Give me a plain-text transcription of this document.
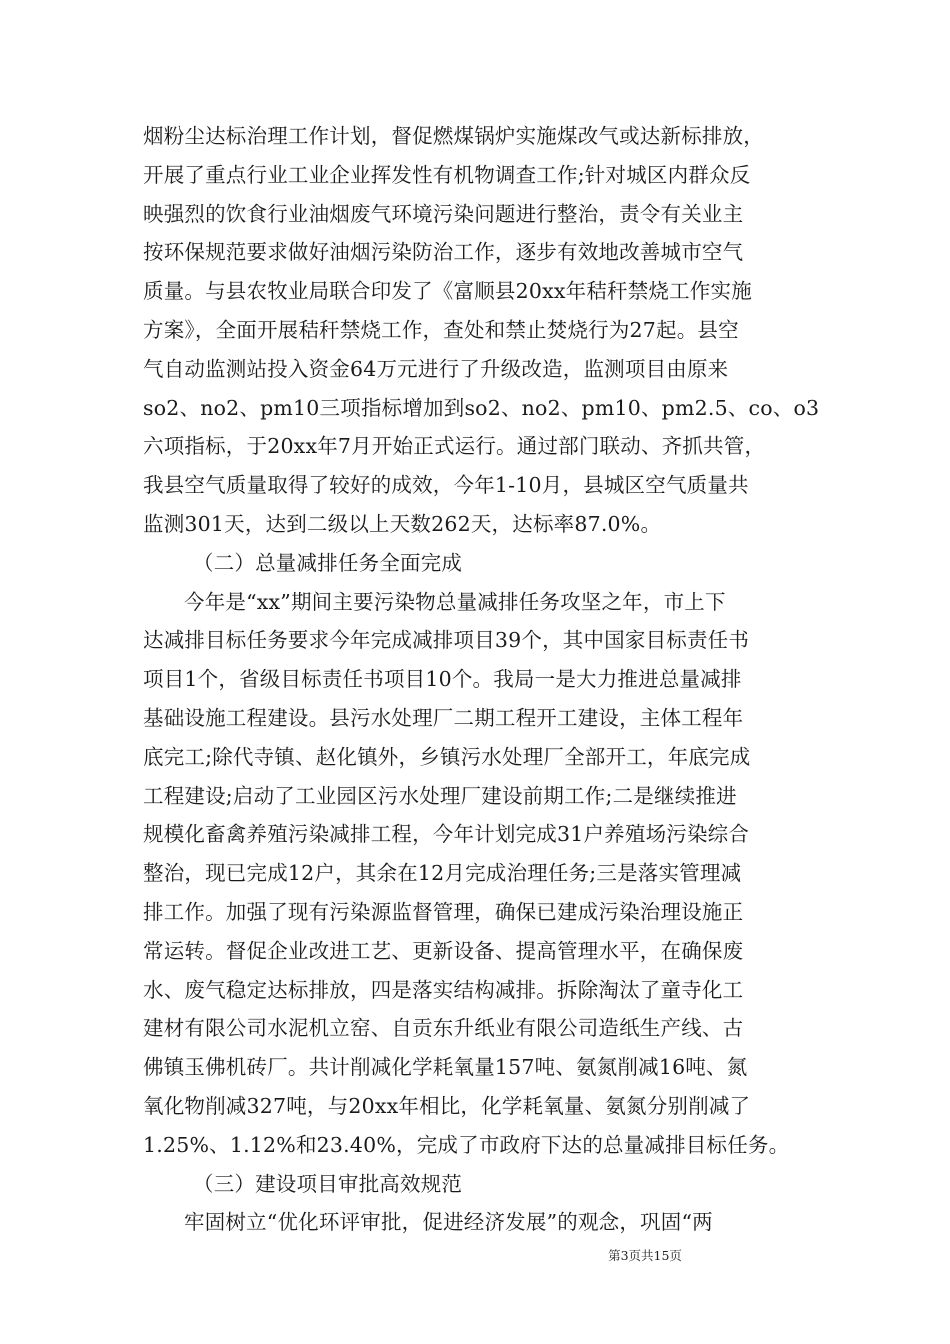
烟粉尘达标治理工作计划，督促燃煤锅炉实施煤改气或达新标排放，
开展了重点行业工业企业挥发性有机物调查工作;针对城区内群众反
映强烈的饮食行业油烟废气环境污染问题进行整治，责令有关业主
按环保规范要求做好油烟污染防治工作，逐步有效地改善城市空气
质量。与县农牧业局联合印发了《富顺县20xx年秸秆禁烧工作实施
方案》，全面开展秸秆禁烧工作，查处和禁止焚烧行为27起。县空
气自动监测站投入资金64万元进行了升级改造，监测项目由原来
so2、no2、pm10三项指标增加到so2、no2、pm10、pm2.5、co、o3
六项指标，于20xx年7月开始正式运行。通过部门联动、齐抓共管，
我县空气质量取得了较好的成效，今年1-10月，县城区空气质量共
监测301天，达到二级以上天数262天，达标率87.0%。
（二）总量减排任务全面完成
今年是“xx”期间主要污染物总量减排任务攻坚之年，市上下
达减排目标任务要求今年完成减排项目39个，其中国家目标责任书
项目1个，省级目标责任书项目10个。我局一是大力推进总量减排
基础设施工程建设。县污水处理厂二期工程开工建设，主体工程年
底完工;除代寺镇、赵化镇外，乡镇污水处理厂全部开工，年底完成
工程建设;启动了工业园区污水处理厂建设前期工作;二是继续推进
规模化畜禽养殖污染减排工程，今年计划完成31户养殖场污染综合
整治，现已完成12户，其余在12月完成治理任务;三是落实管理减
排工作。加强了现有污染源监督管理，确保已建成污染治理设施正
常运转。督促企业改进工艺、更新设备、提高管理水平，在确保废
水、废气稳定达标排放，四是落实结构减排。拆除淘汰了童寺化工
建材有限公司水泥机立窑、自贡东升纸业有限公司造纸生产线、古
佛镇玉佛机砖厂。共计削减化学耗氧量157吨、氨氮削减16吨、氮
氧化物削减327吨，与20xx年相比，化学耗氧量、氨氮分别削减了
1.25%、1.12%和23.40%，完成了市政府下达的总量减排目标任务。
（三）建设项目审批高效规范
牢固树立“优化环评审批，促进经济发展”的观念，巩固“两
第3页共15页
